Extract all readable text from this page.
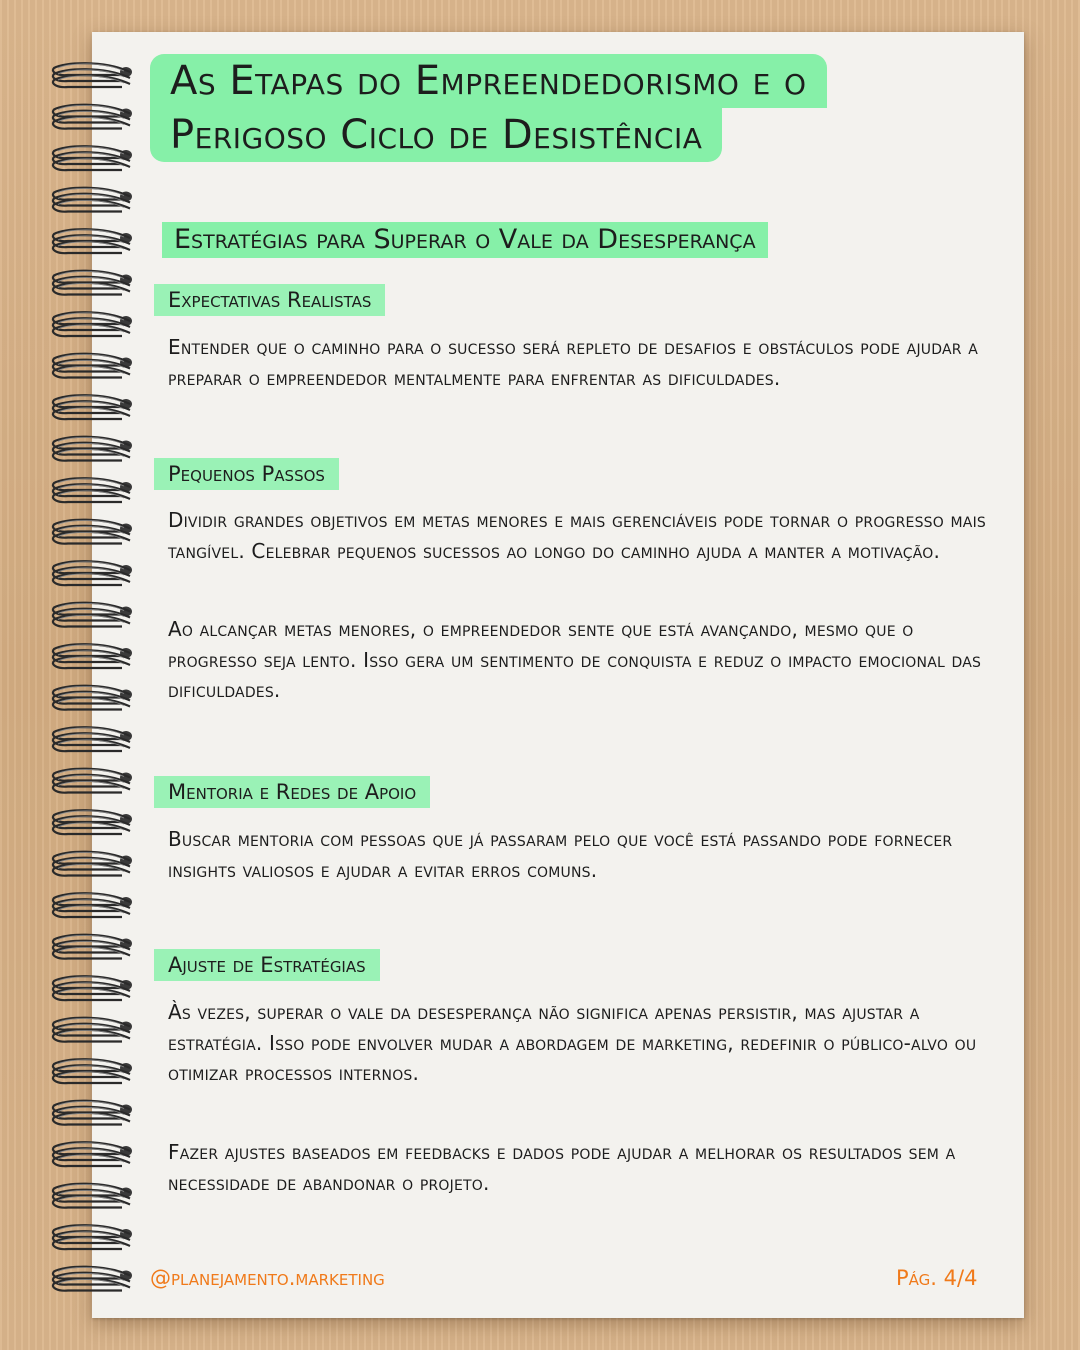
As Etapas do Empreendedorismo e o
Perigoso Ciclo de Desistência
Estratégias para Superar o Vale da Desesperança
Expectativas Realistas
Entender que o caminho para o sucesso será repleto de desafios e obstáculos pode ajudar a preparar o empreendedor mentalmente para enfrentar as dificuldades.
Pequenos Passos
Dividir grandes objetivos em metas menores e mais gerenciáveis pode tornar o progresso mais tangível. Celebrar pequenos sucessos ao longo do caminho ajuda a manter a motivação.
Ao alcançar metas menores, o empreendedor sente que está avançando, mesmo que o progresso seja lento. Isso gera um sentimento de conquista e reduz o impacto emocional das dificuldades.
Mentoria e Redes de Apoio
Buscar mentoria com pessoas que já passaram pelo que você está passando pode fornecer insights valiosos e ajudar a evitar erros comuns.
Ajuste de Estratégias
Às vezes, superar o vale da desesperança não significa apenas persistir, mas ajustar a estratégia. Isso pode envolver mudar a abordagem de marketing, redefinir o público-alvo ou otimizar processos internos.
Fazer ajustes baseados em feedbacks e dados pode ajudar a melhorar os resultados sem a necessidade de abandonar o projeto.
@planejamento.marketing	Pág. 4/4
